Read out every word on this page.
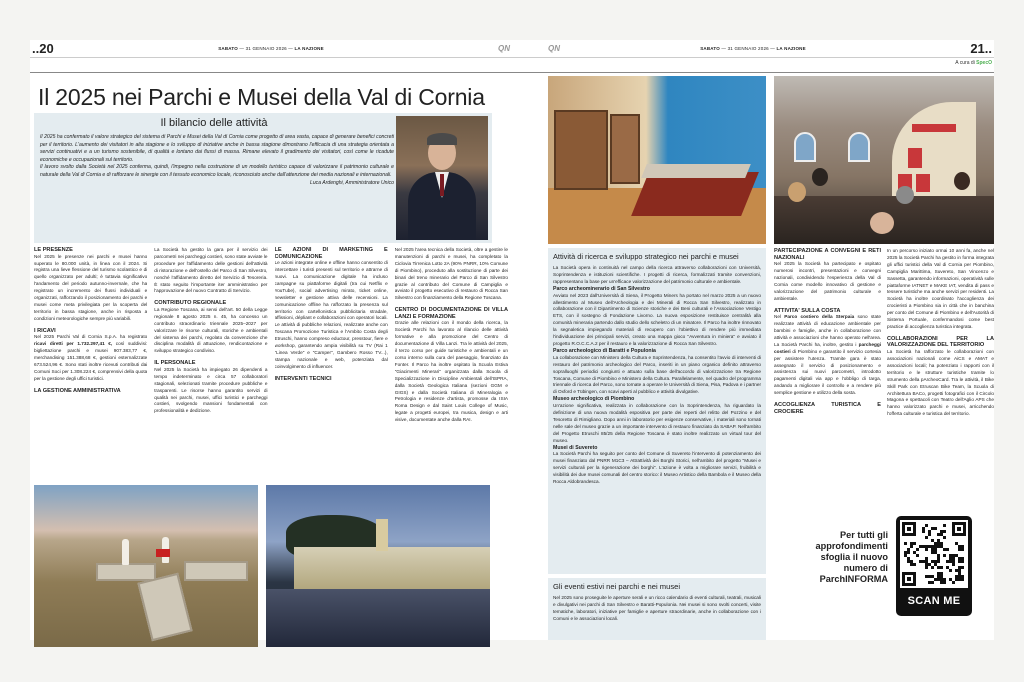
..20	SABATO — 31 GENNAIO 2026 — LA NAZIONE	QN
Il 2025 nei Parchi e Musei della Val di Cornia
Il bilancio delle attività
Il 2025 ha confermato il valore strategico del sistema di Parchi e Musei della Val di Cornia come progetto di area vasta, capace di generare benefici concreti per il territorio. L'aumento dei visitatori in alta stagione e lo sviluppo di iniziative anche in bassa stagione dimostrano l'efficacia di una strategia orientata a servizi continuativi e a un turismo sostenibile, di qualità e lontano dai flussi di massa. Rimane elevato il gradimento dei visitatori, così come le ricadute economiche e occupazionali sul territorio.
Il lavoro svolto dalla Società nel 2025 conferma, quindi, l'impegno nella costruzione di un modello turistico capace di valorizzare il patrimonio culturale e naturale della Val di Cornia e di rafforzare le sinergie con il tessuto economico locale, riconosciuto anche dall'attenzione dei media nazionali e internazionali.
Luca Ardenghi, Amministratore Unico
LE PRESENZE

Nel 2025 le presenze nei parchi e musei hanno superato le 80.000 unità, in linea con il 2024. Si registra una lieve flessione del turismo scolastico e di quello organizzato per adulti; è tuttavia significativo l'andamento del periodo autunno-invernale, che ha registrato un incremento dei flussi individuali e organizzati, rafforzando il posizionamento dei parchi e musei come meta privilegiata per la scoperta del territorio in bassa stagione, anche in risposta a condizioni meteorologiche sempre più variabili.

I RICAVI

Nel 2025 Parchi Val di Cornia S.p.A. ha registrato ricavi diretti per 1.732.297,41 €, così suddivisi: bigliettazione parchi e musei 907.383,77 €, merchandising 151.388,68 €, gestioni esternalizzate 673.524,96 €. Sono stati inoltre ricevuti contributi dai Comuni Soci per 1.308.224 €, comprensivi della quota per la gestione degli uffici turistici.

LA GESTIONE AMMINISTRATIVA

La Società ha gestito la gara per il servizio dei parcometri nei parcheggi costieri, sono state avviate le procedure per l'affidamento delle gestioni dell'attività di ristorazione e dell'ostello del Parco di San Silvestro, nonché l'affidamento diretto del Servizio di Tesoreria. È stato seguito l'importante iter amministrativo per l'approvazione del nuovo Contratto di Servizio.

CONTRIBUTO REGIONALE

La Regione Toscana, ai sensi dell'art. 50 della Legge regionale 8 agosto 2025 n. 45, ha concesso un contributo straordinario triennale 2025–2027 per valorizzare le risorse culturali, storiche e ambientali del sistema dei parchi, regolato da convenzione che disciplina modalità di attuazione, rendicontazione e sviluppo strategico condiviso.

IL PERSONALE

Nel 2025 la Società ha impiegato 26 dipendenti a tempo indeterminato e circa 57 collaboratori stagionali, selezionati tramite procedure pubbliche e trasparenti. Le risorse hanno garantito servizi di qualità nei parchi, musei, uffici turistici e parcheggi costieri, svolgendo mansioni fondamentali con professionalità e dedizione.

LE AZIONI DI MARKETING E COMUNICAZIONE

Le azioni integrate online e offline hanno consentito di intercettare i turisti presenti sul territorio e attrarne di nuovi. La comunicazione digitale ha incluso campagne su piattaforme digitali (tra cui Netflix e YouTube), social advertising mirato, ticket online, newsletter e gestione attiva delle recensioni. La comunicazione offline ha rafforzato la presenza sul territorio con cartellonistica pubblicitaria stradale, affissioni, dépliant e collaborazioni con operatori locali. Le attività di pubbliche relazioni, realizzate anche con Toscana Promozione Turistica e l'Ambito Costa degli Etruschi, hanno compreso eductour, presstour, fiere e workshop, garantendo ampia visibilità su TV (Rai 1 "Linea Verde" e "Camper", Gambero Rosso TV...), stampa nazionale e web, potenziata dal coinvolgimento di influencer.

INTERVENTI TECNICI

Nel 2025 l'area tecnica della Società, oltre a gestire le manutenzioni di parchi e musei, ha completato la Ciclovia Tirrenica Lotto 2A (90% PNRR, 10% Comune di Piombino), proceduto alla sostituzione di parte dei binari del treno minerario del Parco di San Silvestro grazie al contributo del Comune di Campiglia e avviato il progetto esecutivo di restauro di Rocca San Silvestro con finanziamento della Regione Toscana.

CENTRO DI DOCUMENTAZIONE DI VILLA LANZI E FORMAZIONE

Grazie alle relazioni con il mondo della ricerca, la Società Parchi ha lavorato al rilancio delle attività formative e alla promozione del Centro di documentazione di Villa Lanzi. Tra le attività del 2025, il terzo corso per guide turistiche e ambientali e un corso interno sulla cura del paesaggio, finanziato da Fonter. Il Parco ha inoltre ospitato la Scuola Estiva "Giacimenti Minerari" organizzata dalla Scuola di Specializzazione in Discipline Ambientali dell'ISPRA, dalla Società Geologica Italiana (sezioni GGM e GIGS) e dalla Società Italiana di Mineralogia e Petrologia e residenze d'artista, promosse da ISIA Roma Design e dal Saint Louis College of Music, legate a progetti europei, tra musica, design e arti visive, documentate anche dalla RAI.

QN	SABATO — 31 GENNAIO 2026 — LA NAZIONE	21..
A cura di SpecO
Attività di ricerca e sviluppo strategico nei parchi e musei

La Società opera in continuità nel campo della ricerca attraverso collaborazioni con Università, Soprintendenza e istituzioni scientifiche. I progetti di ricerca, formalizzati tramite convenzioni, rappresentano la base per un'efficace valorizzazione del patrimonio culturale e ambientale.

Parco archeominerario di San Silvestro

Avviato nel 2023 dall'Università di Siena, il Progetto Miners ha portato nel marzo 2025 a un nuovo allestimento al Museo dell'Archeologia e dei Minerali di Rocca San Silvestro, realizzato in collaborazione con il Dipartimento di Scienze storiche e dei Beni culturali e l'Associazione Vestigo ETS, con il sostegno di Fondazione Livorno. La nuova esposizione restituisce centralità alla comunità mineraria partendo dallo studio dello scheletro di un minatore. Il Parco ha inoltre rinnovato la segnaletica impiegando materiali di recupero con l'obiettivo di rendere più immediata l'individuazione dei principali servizi, creato una mappa gioco "Avventura in miniera" e avviato il progetto R.O.C.C.A.2 per il restauro e la valorizzazione di Rocca San Silvestro.

Parco archeologico di Baratti e Populonia

La collaborazione con Ministero della Cultura e Soprintendenza, ha consentito l'avvio di interventi di restauro del patrimonio archeologico del Parco, inseriti in un piano organico definito attraverso sopralluoghi periodici congiunti e attuato sulla base dell'accordo di valorizzazione tra Regione Toscana, Comune di Piombino e Ministero della Cultura. Parallelamente, nel quadro del programma triennale di ricerca del Parco, sono tornate a operare le Università di Siena, Pisa, Padova e i partner di Oxford e Tübingen, con scavi aperti al pubblico e attività divulgative.

Museo archeologico di Piombino

Un'azione significativa, realizzata in collaborazione con la Soprintendenza, ha riguardato la definizione di una nuova modalità espositiva per parte dei reperti del relitto del Pozzino e del Tesoretto di Rimigliano. Dopo anni in laboratorio per esigenze conservative, i materiali sono tornati nelle sale del museo grazie a un importante intervento di restauro finanziato da SABAP. Nell'ambito del Progetto Etruschi 85/25 della Regione Toscana è stato inoltre realizzato un virtual tour del museo.

Musei di Suvereto

La Società Parchi ha seguito per conto del Comune di Suvereto l'intervento di potenziamento dei musei finanziato dal PNRR M1C3 – Attrattività dei Borghi Storici, nell'ambito del progetto "Musei e servizi culturali per la rigenerazione dei borghi". L'azione è volta a migliorare servizi, fruibilità e visibilità dei due musei comunali del centro storico: il Museo Artistico della Bambola e il Museo della Rocca Aldobrandesca.

Gli eventi estivi nei parchi e nei musei

Nel 2025 sono proseguite le aperture serali e un ricco calendario di eventi culturali, teatrali, musicali e divulgativi nei parchi di San Silvestro e Baratti-Populonia. Nei musei si sono svolti concerti, visite tematiche, laboratori, iniziative per famiglie e aperture straordinarie, anche in collaborazione con i Comuni e le associazioni locali.

PARTECIPAZIONE A CONVEGNI E RETI NAZIONALI

Nel 2025 la Società ha partecipato e ospitato numerosi incontri, presentazioni e convegni nazionali, condividendo l'esperienza della Val di Cornia come modello innovativo di gestione e valorizzazione del patrimonio culturale e ambientale.

ATTIVITA' SULLA COSTA

Nel Parco costiero della Sterpaia sono state realizzate attività di educazione ambientale per bambini e famiglie, anche in collaborazione con attività e associazioni che hanno operato nell'area. La Società Parchi ha, inoltre, gestito i parcheggi costieri di Piombino e garantito il servizio cortesia per assistere l'utenza. Tramite gara è stato assegnato il servizio di posizionamento e assistenza sui nuovi parcometri, introdotto pagamenti digitali via app e l'obbligo di targa, andando a migliorare il controllo e a rendere più semplice gestione e utilizzo della sosta.

ACCOGLIENZA TURISTICA E CROCIERE

In un percorso iniziato ormai 10 anni fa, anche nel 2025 la Società Parchi ha gestito in forma integrata gli uffici turistici della Val di Cornia per Piombino, Campiglia Marittima, Suvereto, San Vincenzo e Sassetta, garantendo informazioni, operatività sulle piattaforme IATNET e MAKE IAT, vendita di pass e tessere turistiche ma anche servizi per residenti. La Società ha inoltre coordinato l'accoglienza dei crocieristi a Piombino sia in città che in banchina per conto del Comune di Piombino e dell'Autorità di Sistema Portuale, confermandosi come best practice di accoglienza turistica integrata.

COLLABORAZIONI PER LA VALORIZZAZIONE DEL TERRITORIO

La Società ha rafforzato le collaborazioni con associazioni nazionali come AiCS e AMAT e associazioni locali; ha potenziato i rapporti con il territorio e le strutture turistiche tramite lo strumento della pArcheoCard. Tra le attività, il Bike Skill Park con Etruscan Bike Team, la Scuola di Architettura BACo, progetti fotografici con il Circolo Magona e spettacoli con Teatro dell'Aglio APS che hanno valorizzato parchi e musei, arricchendo l'offerta culturale e turistica del territorio.

Per tutti gli approfondimenti sfoglia il nuovo numero di ParchINFORMA
SCAN ME
